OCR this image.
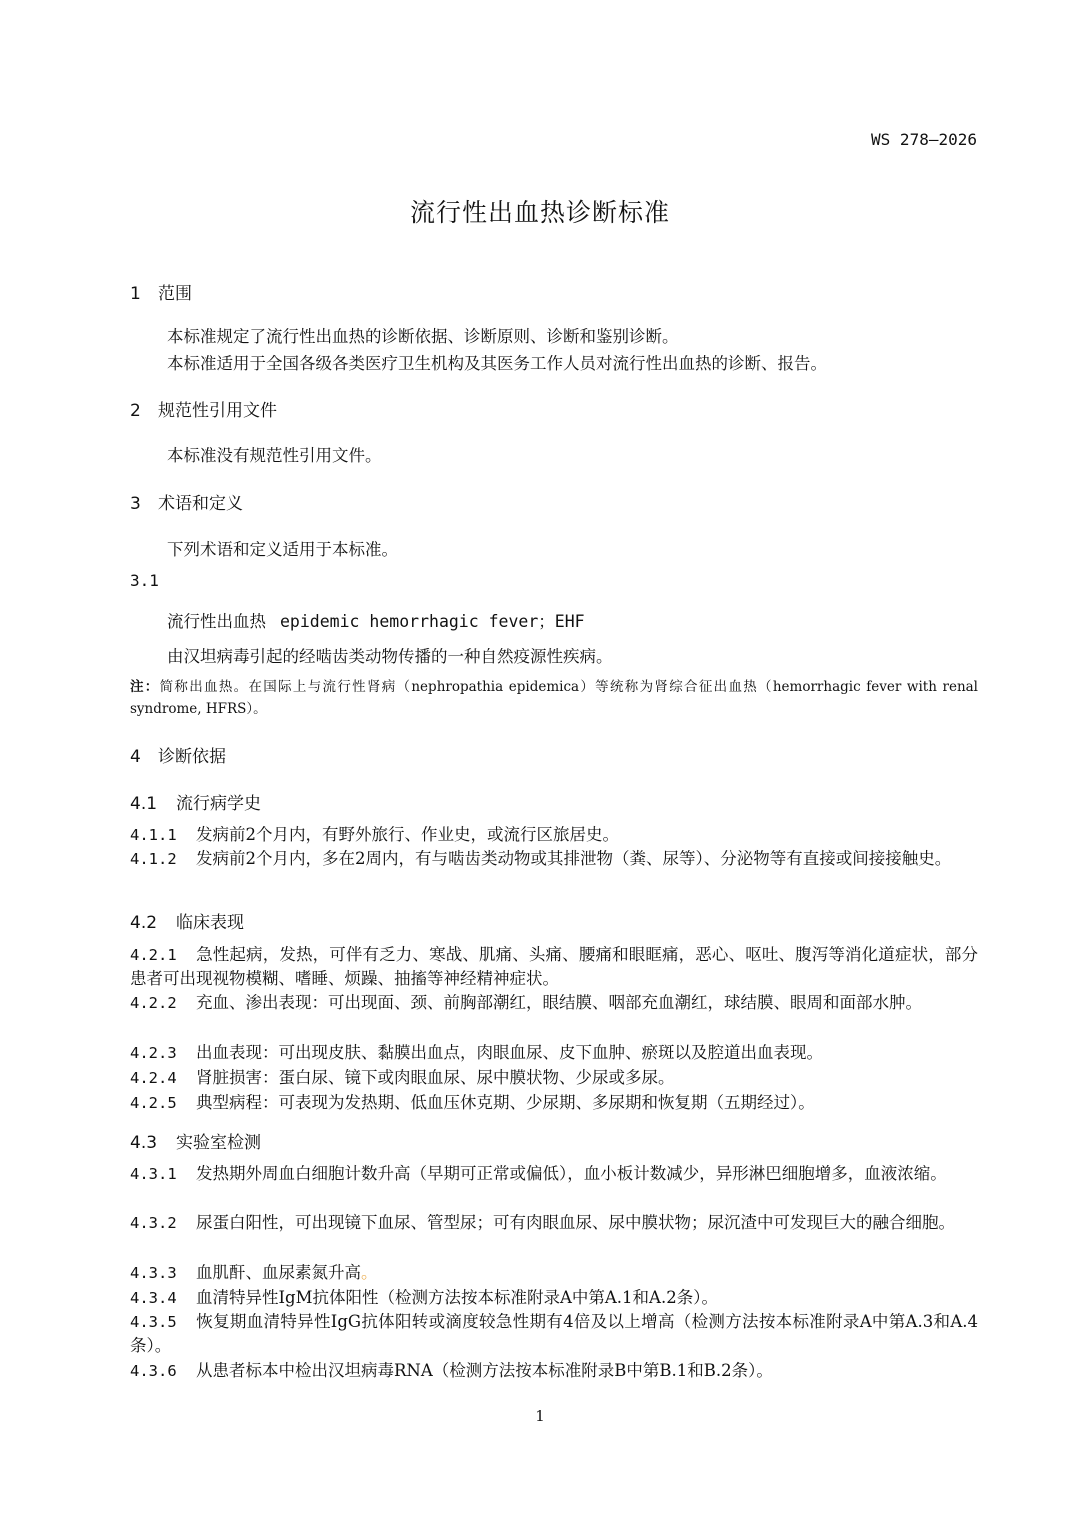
WS 278—2026
流行性出血热诊断标准
1 范围
本标准规定了流行性出血热的诊断依据、诊断原则、诊断和鉴别诊断。
本标准适用于全国各级各类医疗卫生机构及其医务工作人员对流行性出血热的诊断、报告。
2 规范性引用文件
本标准没有规范性引用文件。
3 术语和定义
下列术语和定义适用于本标准。
3.1
流行性出血热 epidemic hemorrhagic fever；EHF
由汉坦病毒引起的经啮齿类动物传播的一种自然疫源性疾病。
注：简称出血热。在国际上与流行性肾病（nephropathia epidemica）等统称为肾综合征出血热（hemorrhagic fever with renal syndrome, HFRS）。
4 诊断依据
4.1 流行病学史
4.1.1 发病前2个月内，有野外旅行、作业史，或流行区旅居史。
4.1.2 发病前2个月内，多在2周内，有与啮齿类动物或其排泄物（粪、尿等）、分泌物等有直接或间接接触史。
4.2 临床表现
4.2.1 急性起病，发热，可伴有乏力、寒战、肌痛、头痛、腰痛和眼眶痛，恶心、呕吐、腹泻等消化道症状，部分患者可出现视物模糊、嗜睡、烦躁、抽搐等神经精神症状。
4.2.2 充血、渗出表现：可出现面、颈、前胸部潮红，眼结膜、咽部充血潮红，球结膜、眼周和面部水肿。
4.2.3 出血表现：可出现皮肤、黏膜出血点，肉眼血尿、皮下血肿、瘀斑以及腔道出血表现。
4.2.4 肾脏损害：蛋白尿、镜下或肉眼血尿、尿中膜状物、少尿或多尿。
4.2.5 典型病程：可表现为发热期、低血压休克期、少尿期、多尿期和恢复期（五期经过）。
4.3 实验室检测
4.3.1 发热期外周血白细胞计数升高（早期可正常或偏低），血小板计数减少，异形淋巴细胞增多，血液浓缩。
4.3.2 尿蛋白阳性，可出现镜下血尿、管型尿；可有肉眼血尿、尿中膜状物；尿沉渣中可发现巨大的融合细胞。
4.3.3 血肌酐、血尿素氮升高。
4.3.4 血清特异性IgM抗体阳性（检测方法按本标准附录A中第A.1和A.2条）。
4.3.5 恢复期血清特异性IgG抗体阳转或滴度较急性期有4倍及以上增高（检测方法按本标准附录A中第A.3和A.4条）。
4.3.6 从患者标本中检出汉坦病毒RNA（检测方法按本标准附录B中第B.1和B.2条）。
1
